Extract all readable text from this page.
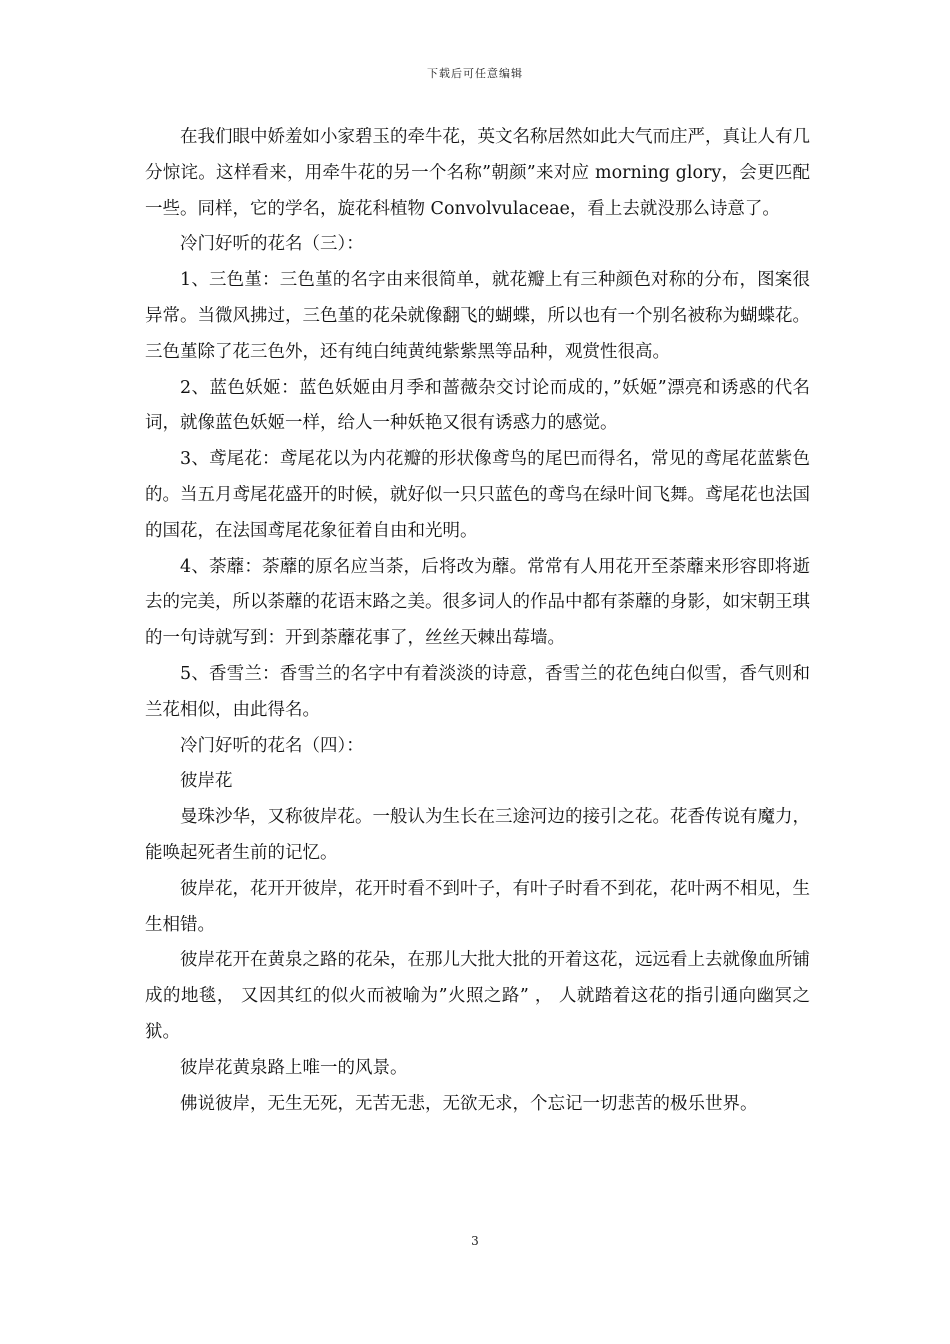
下载后可任意编辑

在我们眼中娇羞如小家碧玉的牵牛花，英文名称居然如此大气而庄严，真让人有几分惊诧。这样看来，用牵牛花的另一个名称”朝颜”来对应 morning glory，会更匹配一些。同样，它的学名，旋花科植物 Convolvulaceae，看上去就没那么诗意了。

冷门好听的花名（三）：

1、三色堇：三色堇的名字由来很简单，就花瓣上有三种颜色对称的分布，图案很异常。当微风拂过，三色堇的花朵就像翻飞的蝴蝶，所以也有一个别名被称为蝴蝶花。三色堇除了花三色外，还有纯白纯黄纯紫紫黑等品种，观赏性很高。

2、蓝色妖姬：蓝色妖姬由月季和蔷薇杂交讨论而成的，”妖姬”漂亮和诱惑的代名词，就像蓝色妖姬一样，给人一种妖艳又很有诱惑力的感觉。

3、鸢尾花：鸢尾花以为内花瓣的形状像鸢鸟的尾巴而得名，常见的鸢尾花蓝紫色的。当五月鸢尾花盛开的时候，就好似一只只蓝色的鸢鸟在绿叶间飞舞。鸢尾花也法国的国花，在法国鸢尾花象征着自由和光明。

4、荼蘼：荼蘼的原名应当荼，后将改为蘼。常常有人用花开至荼蘼来形容即将逝去的完美，所以荼蘼的花语末路之美。很多词人的作品中都有荼蘼的身影，如宋朝王琪的一句诗就写到：开到荼蘼花事了，丝丝天棘出莓墙。

5、香雪兰：香雪兰的名字中有着淡淡的诗意，香雪兰的花色纯白似雪，香气则和兰花相似，由此得名。

冷门好听的花名（四）：

彼岸花

曼珠沙华，又称彼岸花。一般认为生长在三途河边的接引之花。花香传说有魔力，能唤起死者生前的记忆。

彼岸花，花开开彼岸，花开时看不到叶子，有叶子时看不到花，花叶两不相见，生生相错。

彼岸花开在黄泉之路的花朵，在那儿大批大批的开着这花，远远看上去就像血所铺成的地毯， 又因其红的似火而被喻为”火照之路” ， 人就踏着这花的指引通向幽冥之狱。

彼岸花黄泉路上唯一的风景。

佛说彼岸，无生无死，无苦无悲，无欲无求，个忘记一切悲苦的极乐世界。

3
